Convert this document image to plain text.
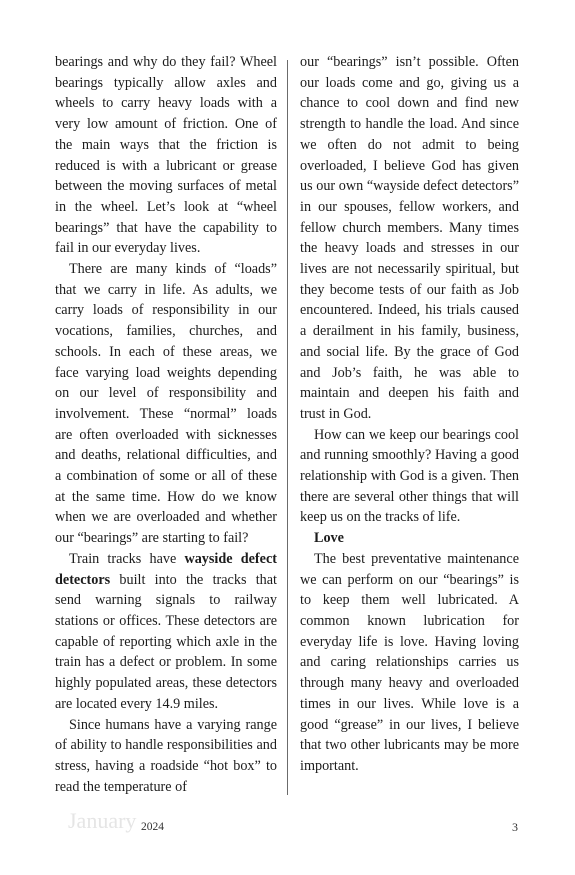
bearings and why do they fail? Wheel bearings typically allow axles and wheels to carry heavy loads with a very low amount of friction. One of the main ways that the friction is reduced is with a lubricant or grease between the moving surfaces of metal in the wheel. Let’s look at “wheel bearings” that have the capability to fail in our everyday lives.

There are many kinds of “loads” that we carry in life. As adults, we carry loads of responsibility in our vocations, families, churches, and schools. In each of these areas, we face varying load weights depending on our level of responsibility and involvement. These “normal” loads are often overloaded with sicknesses and deaths, relational difficulties, and a combination of some or all of these at the same time. How do we know when we are overloaded and whether our “bearings” are starting to fail?

Train tracks have wayside defect detectors built into the tracks that send warning signals to railway stations or offices. These detectors are capable of reporting which axle in the train has a defect or problem. In some highly populated areas, these detectors are located every 14.9 miles.

Since humans have a varying range of ability to handle responsibilities and stress, having a roadside “hot box” to read the temperature of

our “bearings” isn’t possible. Often our loads come and go, giving us a chance to cool down and find new strength to handle the load. And since we often do not admit to being overloaded, I believe God has given us our own “wayside defect detectors” in our spouses, fellow workers, and fellow church members. Many times the heavy loads and stresses in our lives are not necessarily spiritual, but they become tests of our faith as Job encountered. Indeed, his trials caused a derailment in his family, business, and social life. By the grace of God and Job’s faith, he was able to maintain and deepen his faith and trust in God.

How can we keep our bearings cool and running smoothly? Having a good relationship with God is a given. Then there are several other things that will keep us on the tracks of life.

Love

The best preventative maintenance we can perform on our “bearings” is to keep them well lubricated. A common known lubrication for everyday life is love. Having loving and caring relationships carries us through many heavy and overloaded times in our lives. While love is a good “grease” in our lives, I believe that two other lubricants may be more important.

January 2024	3
